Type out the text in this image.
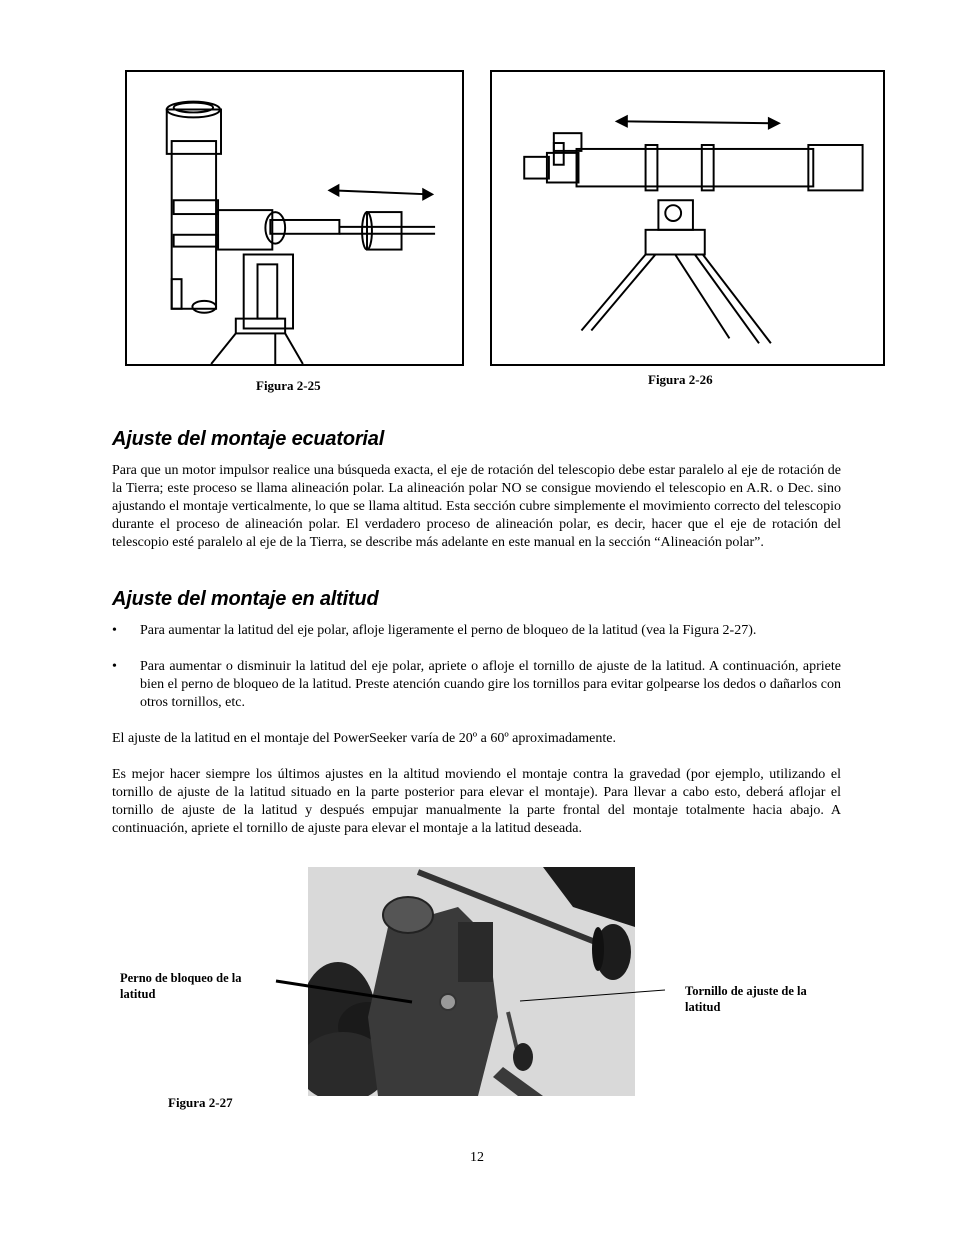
Figura 2-25	Figura 2-26
Ajuste del montaje ecuatorial

Para que un motor impulsor realice una búsqueda exacta, el eje de rotación del telescopio debe estar paralelo al eje de rotación de la Tierra; este proceso se llama alineación polar. La alineación polar NO se consigue moviendo el telescopio en A.R. o Dec. sino ajustando el montaje verticalmente, lo que se llama altitud. Esta sección cubre simplemente el movimiento correcto del telescopio durante el proceso de alineación polar. El verdadero proceso de alineación polar, es decir, hacer que el eje de rotación del telescopio esté paralelo al eje de la Tierra, se describe más adelante en este manual en la sección “Alineación polar”.

Ajuste del montaje en altitud
• Para aumentar la latitud del eje polar, afloje ligeramente el perno de bloqueo de la latitud (vea la Figura 2-27).
• Para aumentar o disminuir la latitud del eje polar, apriete o afloje el tornillo de ajuste de la latitud. A continuación, apriete bien el perno de bloqueo de la latitud. Preste atención cuando gire los tornillos para evitar golpearse los dedos o dañarlos con otros tornillos, etc.

El ajuste de la latitud en el montaje del PowerSeeker varía de 20º a 60º aproximadamente.

Es mejor hacer siempre los últimos ajustes en la altitud moviendo el montaje contra la gravedad (por ejemplo, utilizando el tornillo de ajuste de la latitud situado en la parte posterior para elevar el montaje). Para llevar a cabo esto, deberá aflojar el tornillo de ajuste de la latitud y después empujar manualmente la parte frontal del montaje totalmente hacia abajo. A continuación, apriete el tornillo de ajuste para elevar el montaje a la latitud deseada.

Perno de bloqueo de la latitud	Tornillo de ajuste de la latitud
Figura 2-27
12
